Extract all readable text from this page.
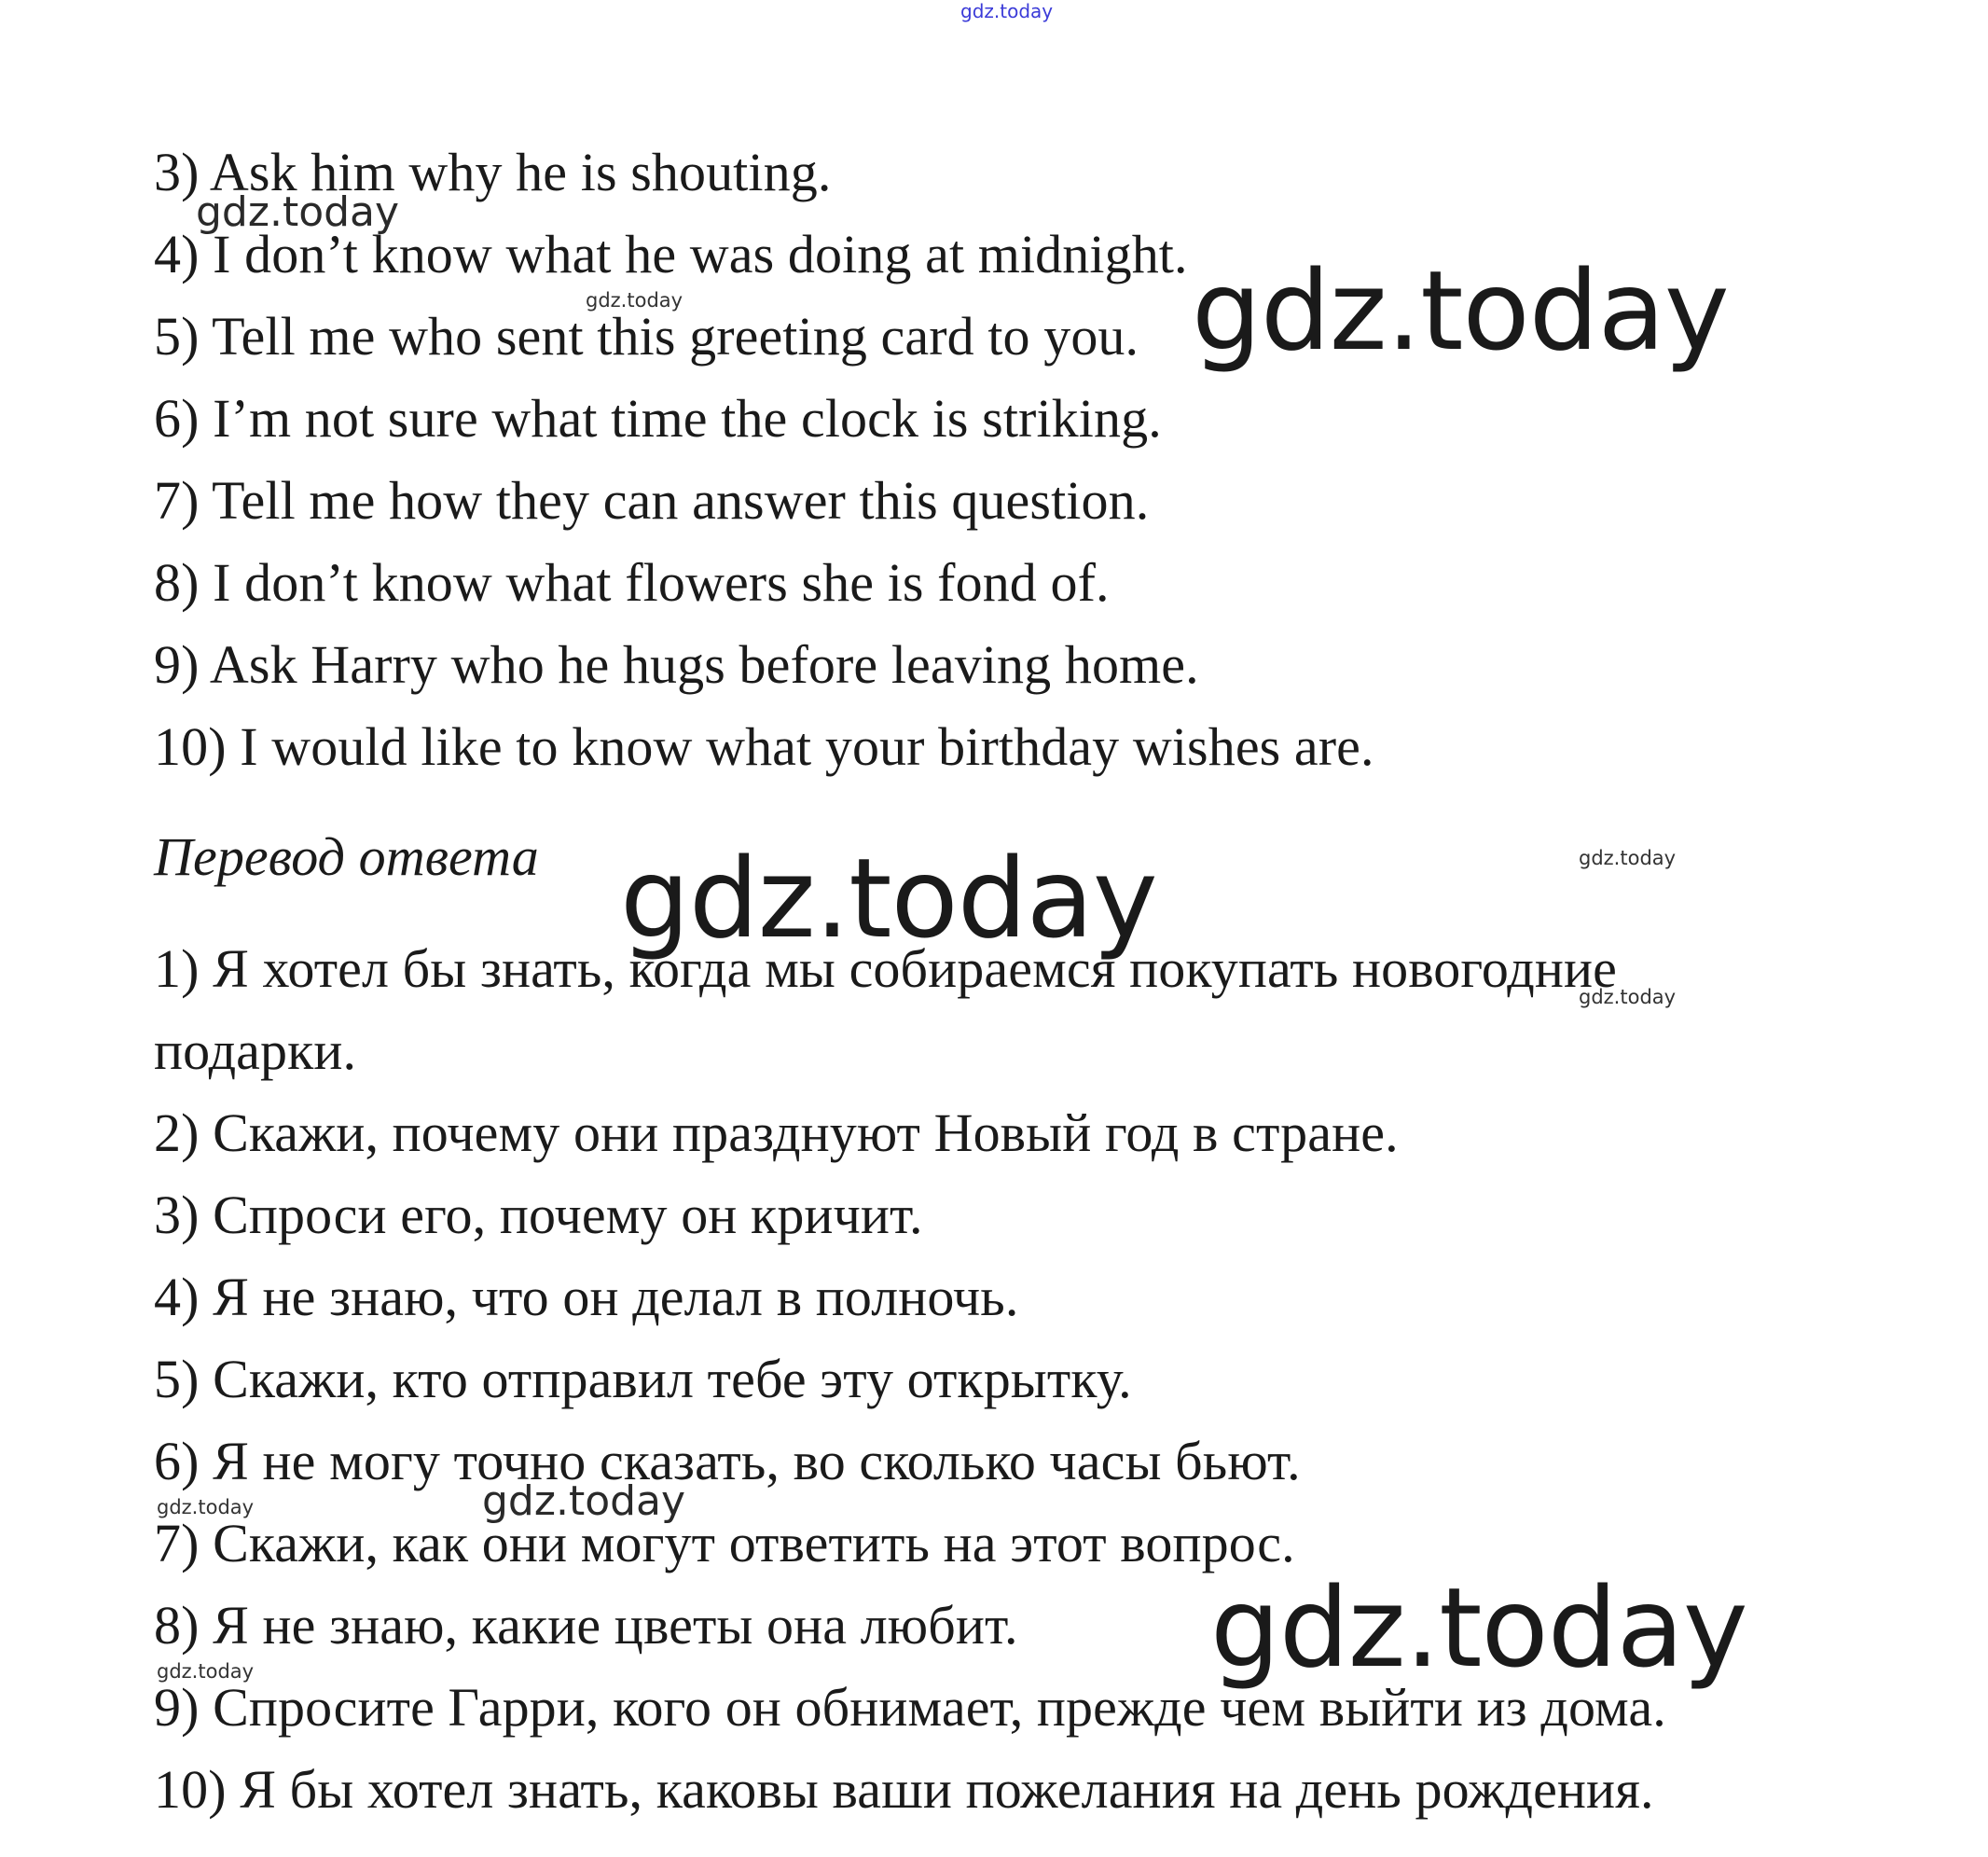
gdz.today
gdz.today
gdz.today	gdz.today
gdz.today
gdz.today
gdz.today
gdz.today	gdz.today
gdz.today
gdz.today
3) Ask him why he is shouting.
4) I don’t know what he was doing at midnight.
5) Tell me who sent this greeting card to you.
6) I’m not sure what time the clock is striking.
7) Tell me how they can answer this question.
8) I don’t know what flowers she is fond of.
9) Ask Harry who he hugs before leaving home.
10) I would like to know what your birthday wishes are.
Перевод ответа
1) Я хотел бы знать, когда мы собираемся покупать новогодние
подарки.
2) Скажи, почему они празднуют Новый год в стране.
3) Спроси его, почему он кричит.
4) Я не знаю, что он делал в полночь.
5) Скажи, кто отправил тебе эту открытку.
6) Я не могу точно сказать, во сколько часы бьют.
7) Скажи, как они могут ответить на этот вопрос.
8) Я не знаю, какие цветы она любит.
9) Спросите Гарри, кого он обнимает, прежде чем выйти из дома.
10) Я бы хотел знать, каковы ваши пожелания на день рождения.
